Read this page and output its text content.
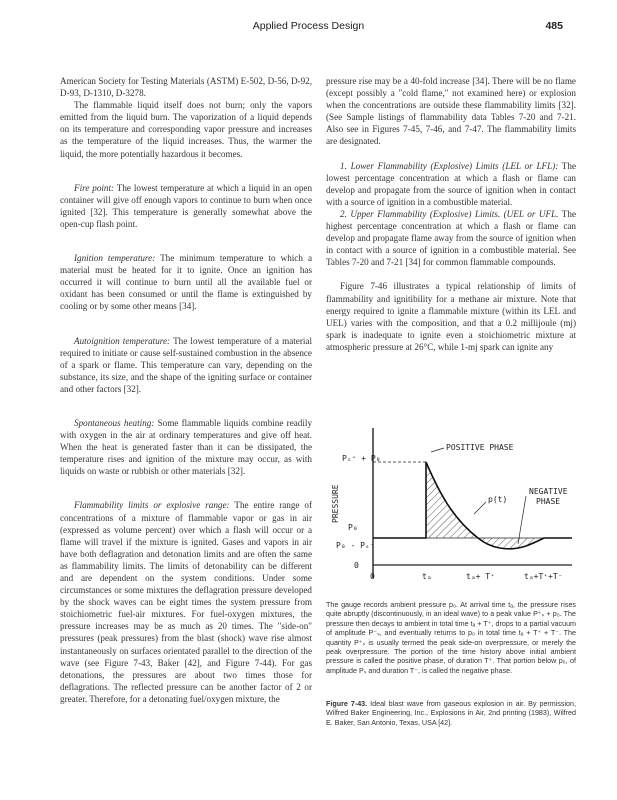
Applied Process Design	485

American Society for Testing Materials (ASTM) E-502, D-56, D-92, D-93, D-1310, D-3278.

The flammable liquid itself does not burn; only the vapors emitted from the liquid burn. The vaporization of a liquid depends on its temperature and corresponding vapor pressure and increases as the temperature of the liquid increases. Thus, the warmer the liquid, the more potentially hazardous it becomes.

Fire point: The lowest temperature at which a liquid in an open container will give off enough vapors to continue to burn when once ignited [32]. This temperature is generally somewhat above the open-cup flash point.

Ignition temperature: The minimum temperature to which a material must be heated for it to ignite. Once an ignition has occurred it will continue to burn until all the available fuel or oxidant has been consumed or until the flame is extinguished by cooling or by some other means [34].

Autoignition temperature: The lowest temperature of a material required to initiate or cause self-sustained combustion in the absence of a spark or flame. This temperature can vary, depending on the substance, its size, and the shape of the igniting surface or container and other factors [32].

Spontaneous heating: Some flammable liquids combine readily with oxygen in the air at ordinary temperatures and give off heat. When the heat is generated faster than it can be dissipated, the temperature rises and ignition of the mixture may occur, as with liquids on waste or rubbish or other materials [32].

Flammability limits or explosive range: The entire range of concentrations of a mixture of flammable vapor or gas in air (expressed as volume percent) over which a flash will occur or a flame will travel if the mixture is ignited. Gases and vapors in air have both deflagration and detonation limits and are often the same as flammability limits. The limits of detonability can be different and are dependent on the system conditions. Under some circumstances or some mixtures the deflagration pressure developed by the shock waves can be eight times the system pressure from stoichiometric fuel-air mixtures. For fuel-oxygen mixtures, the pressure increases may be as much as 20 times. The "side-on" pressures (peak pressures) from the blast (shock) wave rise almost instantaneously on surfaces orientated parallel to the direction of the wave (see Figure 7-43, Baker [42], and Figure 7-44). For gas detonations, the pressures are about two times those for deflagrations. The reflected pressure can be another factor of 2 or greater. Therefore, for a detonating fuel/oxygen mixture, the

pressure rise may be a 40-fold increase [34]. There will be no flame (except possibly a "cold flame," not examined here) or explosion when the concentrations are outside these flammability limits [32]. (See Sample listings of flammability data Tables 7-20 and 7-21. Also see in Figures 7-45, 7-46, and 7-47. The flammability limits are designated.

1. Lower Flammability (Explosive) Limits (LEL or LFL): The lowest percentage concentration at which a flash or flame can develop and propagate from the source of ignition when in contact with a source of ignition in a combustible material.

2. Upper Flammability (Explosive) Limits. (UEL or UFL. The highest percentage concentration at which a flash or flame can develop and propagate flame away from the source of ignition when in contact with a source of ignition in a combustible material. See Tables 7-20 and 7-21 [34] for common flammable compounds.

Figure 7-46 illustrates a typical relationship of limits of flammability and ignitibility for a methane air mixture. Note that energy required to ignite a flammable mixture (within its LEL and UEL) varies with the composition, and that a 0.2 millijoule (mj) spark is inadequate to ignite even a stoichiometric mixture at atmospheric pressure at 26°C, while 1-mj spark can ignite any

PRESSURE
Pₛ⁺ + P₀
P₀
P₀ - Pₛ⁻
0
POSITIVE PHASE
p(t)
NEGATIVE
PHASE
0	tₐ	tₐ+ T⁺	tₐ+T⁺+T⁻
The gauge records ambient pressure p₀. At arrival time tₐ, the pressure rises quite abruptly (discontinuously, in an ideal wave) to a peak value P⁺ₛ + p₀. The pressure then decays to ambient in total time tₐ + T⁺, drops to a partial vacuum of amplitude P⁻ₛ, and eventually returns to p₀ in total time tₐ + T⁺ + T⁻. The quantity P⁺ₛ is usually termed the peak side-on overpressure, or merely the peak overpressure. The portion of the time history above initial ambient pressure is called the positive phase, of duration T⁺. That portion below p₀, of amplitude Pₛ and duration T⁻, is called the negative phase.
Figure 7-43. Ideal blast wave from gaseous explosion in air. By permission, Wilfred Baker Engineering, Inc., Explosions in Air, 2nd printing (1983), Wilfred E. Baker, San Antonio, Texas, USA [42].
